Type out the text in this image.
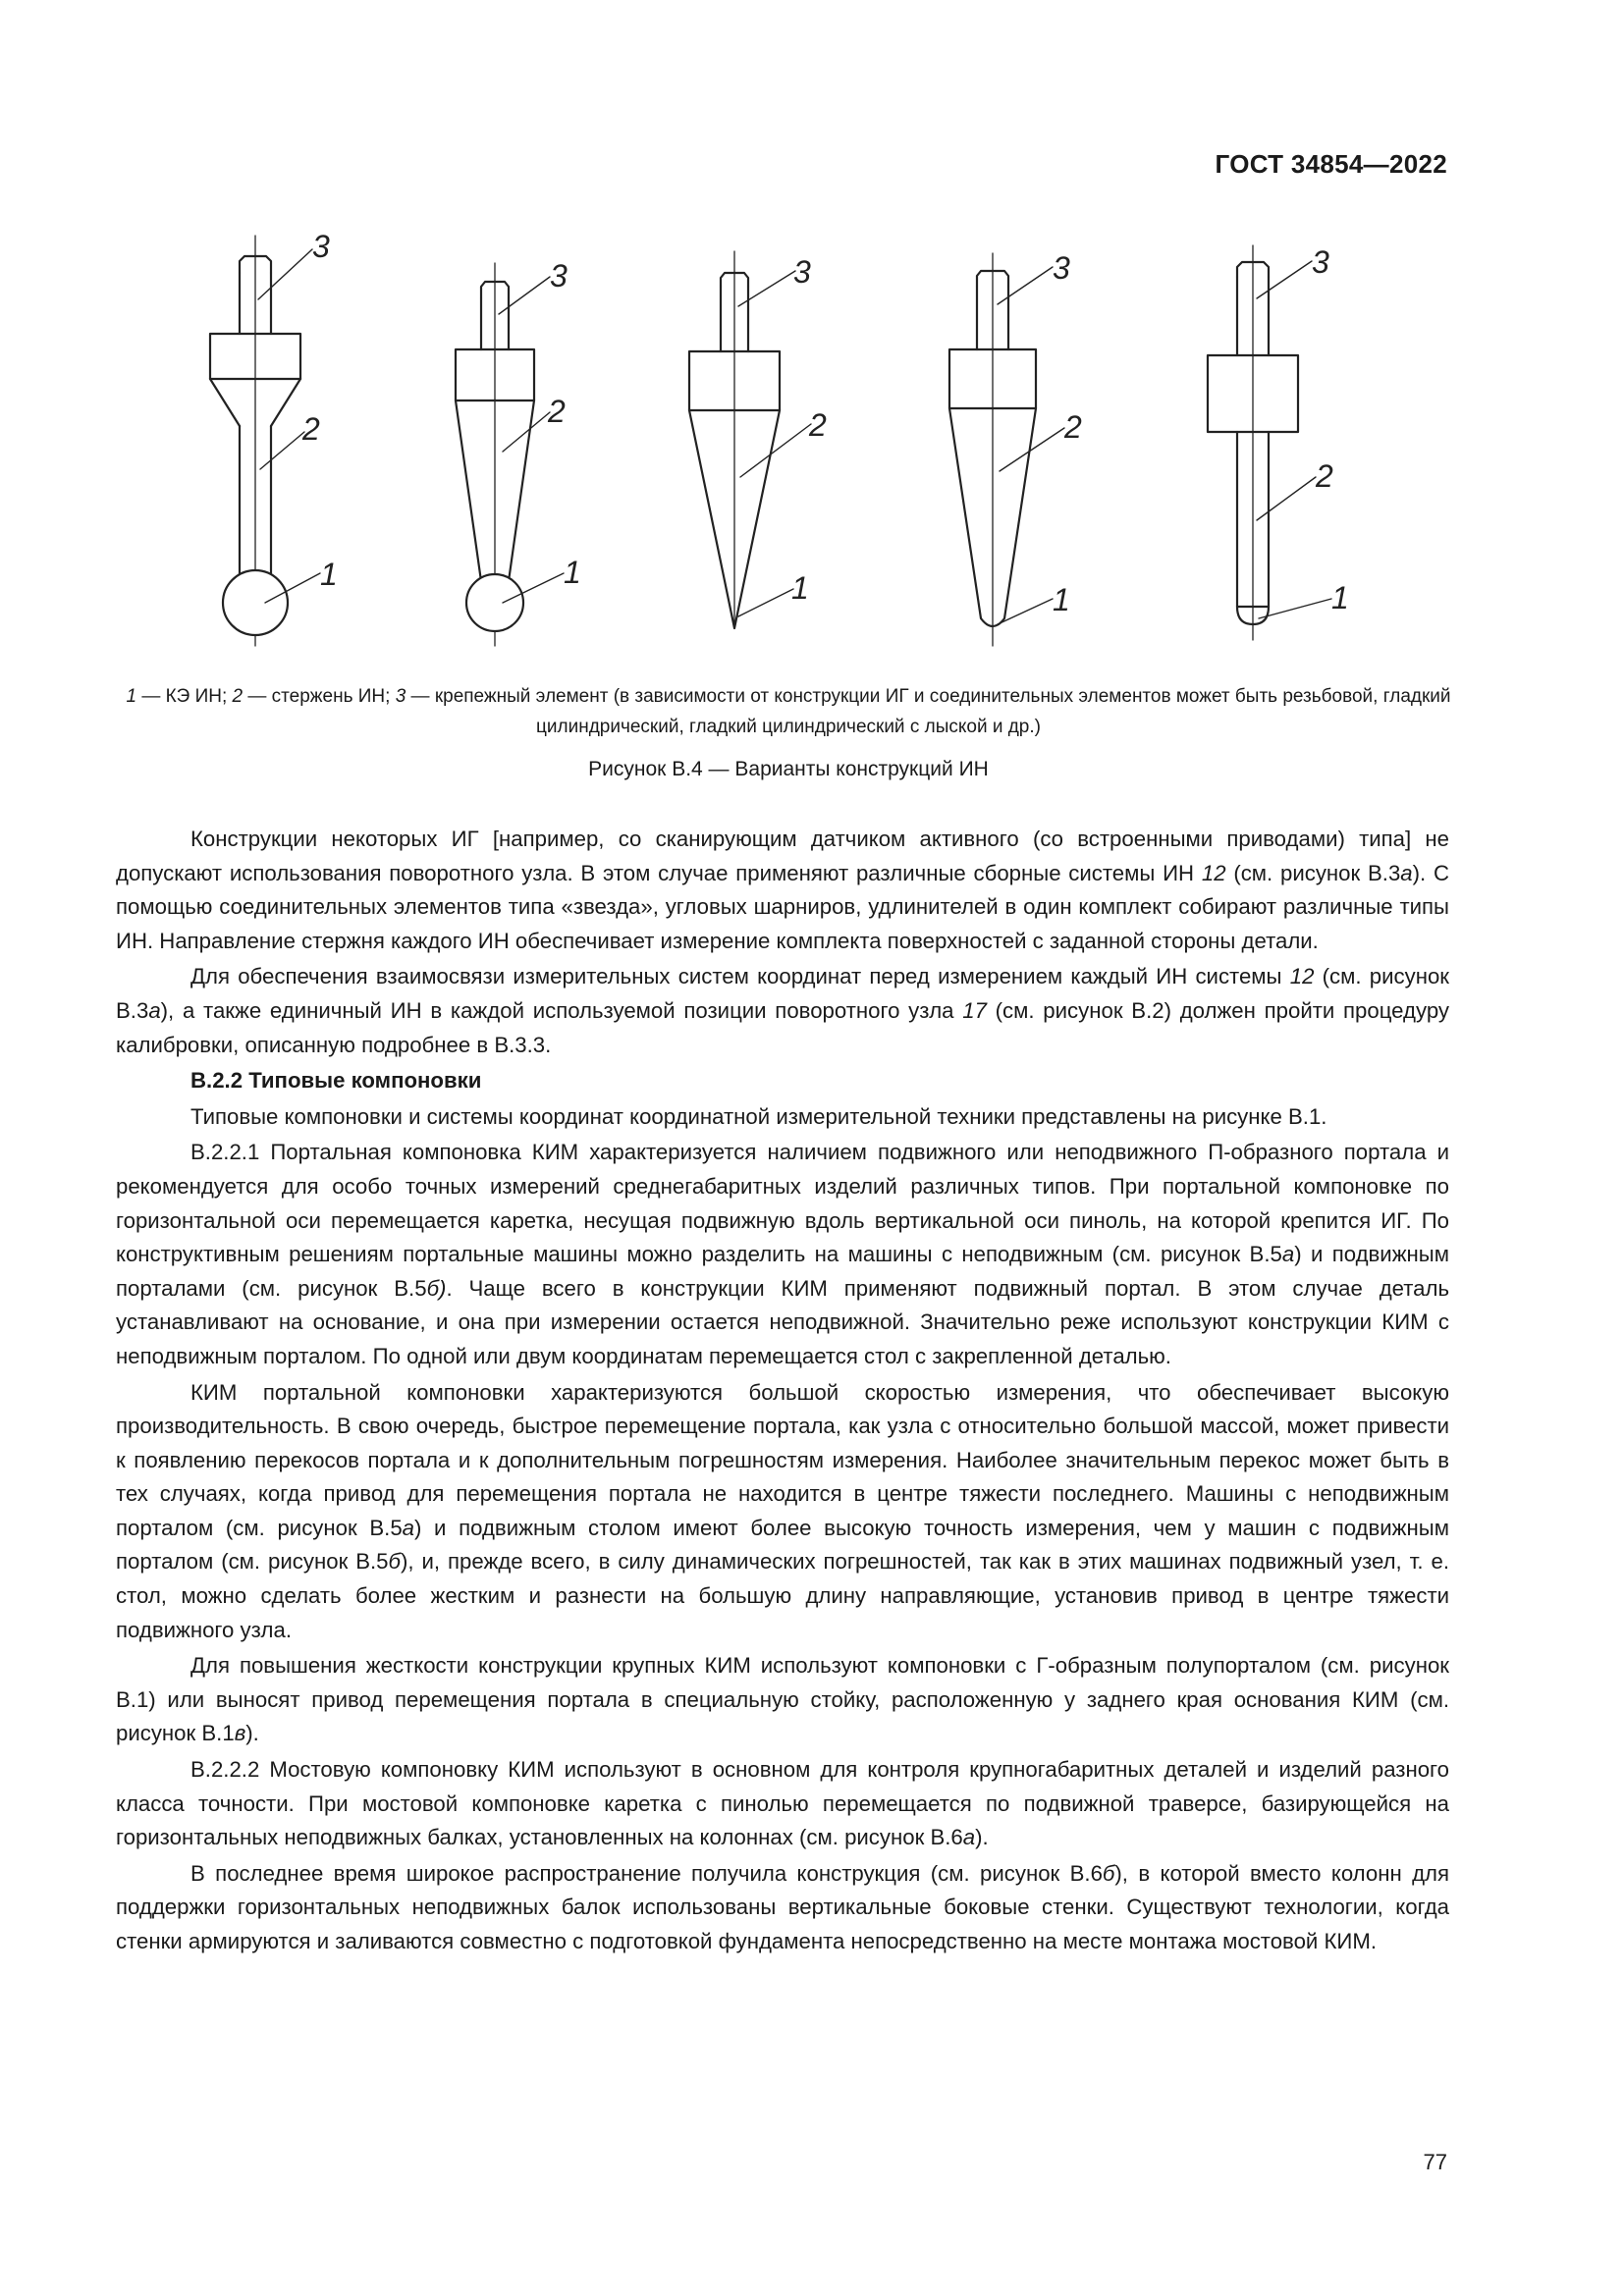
ГОСТ 34854—2022
3
2
1
3
2
1
3
2
1
3
2
1
3
2
1
1 — КЭ ИН; 2 — стержень ИН; 3 — крепежный элемент (в зависимости от конструкции ИГ и соединительных элементов может быть резьбовой, гладкий цилиндрический, гладкий цилиндрический с лыской и др.)
Рисунок В.4 — Варианты конструкций ИН

Конструкции некоторых ИГ [например, со сканирующим датчиком активного (со встроенными приводами) типа] не допускают использования поворотного узла. В этом случае применяют различные сборные системы ИН 12 (см. рисунок В.3а). С помощью соединительных элементов типа «звезда», угловых шарниров, удлинителей в один комплект собирают различные типы ИН. Направление стержня каждого ИН обеспечивает измерение комплекта поверхностей с заданной стороны детали.

Для обеспечения взаимосвязи измерительных систем координат перед измерением каждый ИН системы 12 (см. рисунок В.3а), а также единичный ИН в каждой используемой позиции поворотного узла 17 (см. рисунок В.2) должен пройти процедуру калибровки, описанную подробнее в В.3.3.

В.2.2 Типовые компоновки

Типовые компоновки и системы координат координатной измерительной техники представлены на рисунке В.1.

В.2.2.1 Портальная компоновка КИМ характеризуется наличием подвижного или неподвижного П-образного портала и рекомендуется для особо точных измерений среднегабаритных изделий различных типов. При портальной компоновке по горизонтальной оси перемещается каретка, несущая подвижную вдоль вертикальной оси пиноль, на которой крепится ИГ. По конструктивным решениям портальные машины можно разделить на машины с неподвижным (см. рисунок В.5а) и подвижным порталами (см. рисунок В.5б). Чаще всего в конструкции КИМ применяют подвижный портал. В этом случае деталь устанавливают на основание, и она при измерении остается неподвижной. Значительно реже используют конструкции КИМ с неподвижным порталом. По одной или двум координатам перемещается стол с закрепленной деталью.

КИМ портальной компоновки характеризуются большой скоростью измерения, что обеспечивает высокую производительность. В свою очередь, быстрое перемещение портала, как узла с относительно большой массой, может привести к появлению перекосов портала и к дополнительным погрешностям измерения. Наиболее значительным перекос может быть в тех случаях, когда привод для перемещения портала не находится в центре тяжести последнего. Машины с неподвижным порталом (см. рисунок В.5а) и подвижным столом имеют более высокую точность измерения, чем у машин с подвижным порталом (см. рисунок В.5б), и, прежде всего, в силу динамических погрешностей, так как в этих машинах подвижный узел, т. е. стол, можно сделать более жестким и разнести на большую длину направляющие, установив привод в центре тяжести подвижного узла.

Для повышения жесткости конструкции крупных КИМ используют компоновки с Г-образным полупорталом (см. рисунок В.1) или выносят привод перемещения портала в специальную стойку, расположенную у заднего края основания КИМ (см. рисунок В.1в).

В.2.2.2 Мостовую компоновку КИМ используют в основном для контроля крупногабаритных деталей и изделий разного класса точности. При мостовой компоновке каретка с пинолью перемещается по подвижной траверсе, базирующейся на горизонтальных неподвижных балках, установленных на колоннах (см. рисунок В.6а).

В последнее время широкое распространение получила конструкция (см. рисунок В.6б), в которой вместо колонн для поддержки горизонтальных неподвижных балок использованы вертикальные боковые стенки. Существуют технологии, когда стенки армируются и заливаются совместно с подготовкой фундамента непосредственно на месте монтажа мостовой КИМ.

77
